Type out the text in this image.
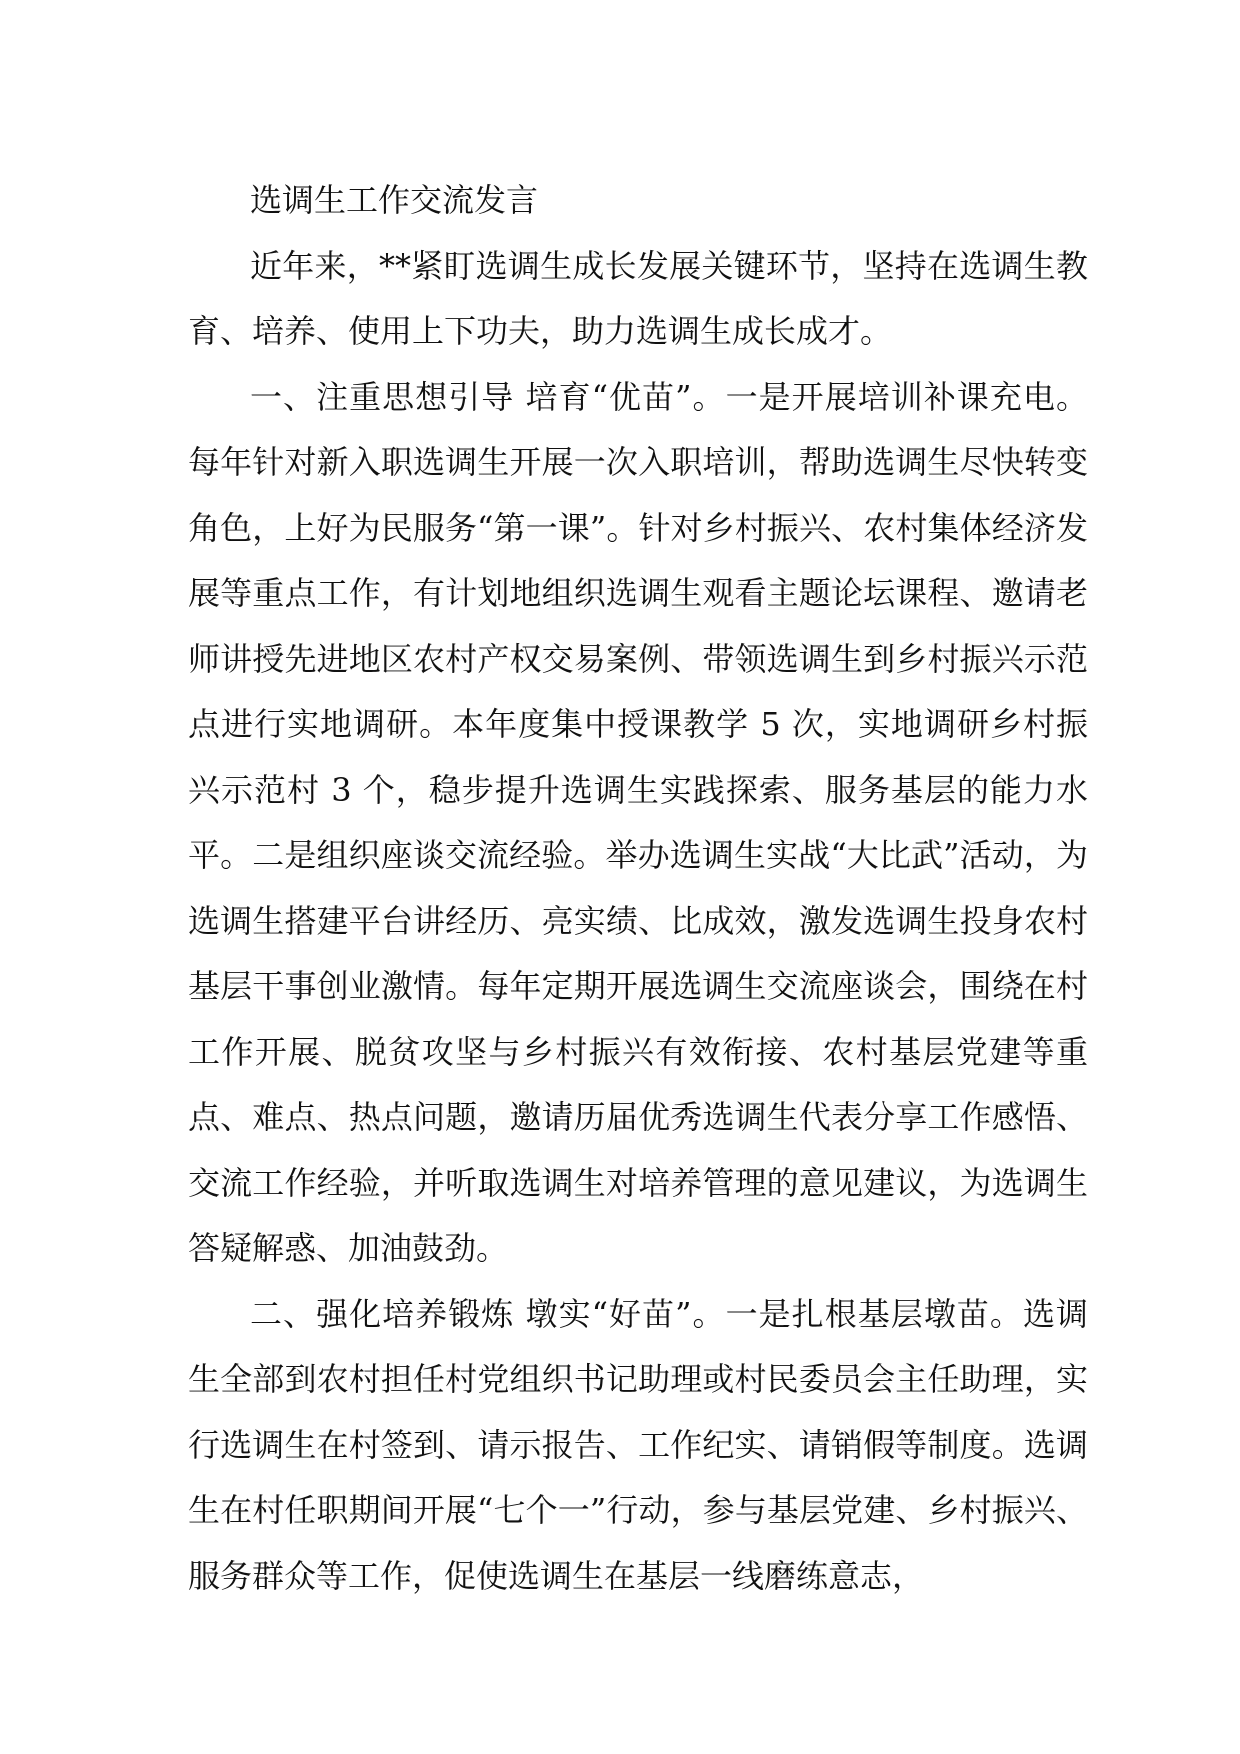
选调生工作交流发言

近年来，**紧盯选调生成长发展关键环节，坚持在选调生教育、培养、使用上下功夫，助力选调生成长成才。

一、注重思想引导 培育“优苗”。一是开展培训补课充电。每年针对新入职选调生开展一次入职培训，帮助选调生尽快转变角色，上好为民服务“第一课”。针对乡村振兴、农村集体经济发展等重点工作，有计划地组织选调生观看主题论坛课程、邀请老师讲授先进地区农村产权交易案例、带领选调生到乡村振兴示范点进行实地调研。本年度集中授课教学 5 次，实地调研乡村振兴示范村 3 个，稳步提升选调生实践探索、服务基层的能力水平。二是组织座谈交流经验。举办选调生实战“大比武”活动，为选调生搭建平台讲经历、亮实绩、比成效，激发选调生投身农村基层干事创业激情。每年定期开展选调生交流座谈会，围绕在村工作开展、脱贫攻坚与乡村振兴有效衔接、农村基层党建等重点、难点、热点问题，邀请历届优秀选调生代表分享工作感悟、交流工作经验，并听取选调生对培养管理的意见建议，为选调生答疑解惑、加油鼓劲。

二、强化培养锻炼 墩实“好苗”。一是扎根基层墩苗。选调生全部到农村担任村党组织书记助理或村民委员会主任助理，实行选调生在村签到、请示报告、工作纪实、请销假等制度。选调生在村任职期间开展“七个一”行动，参与基层党建、乡村振兴、服务群众等工作，促使选调生在基层一线磨练意志，
